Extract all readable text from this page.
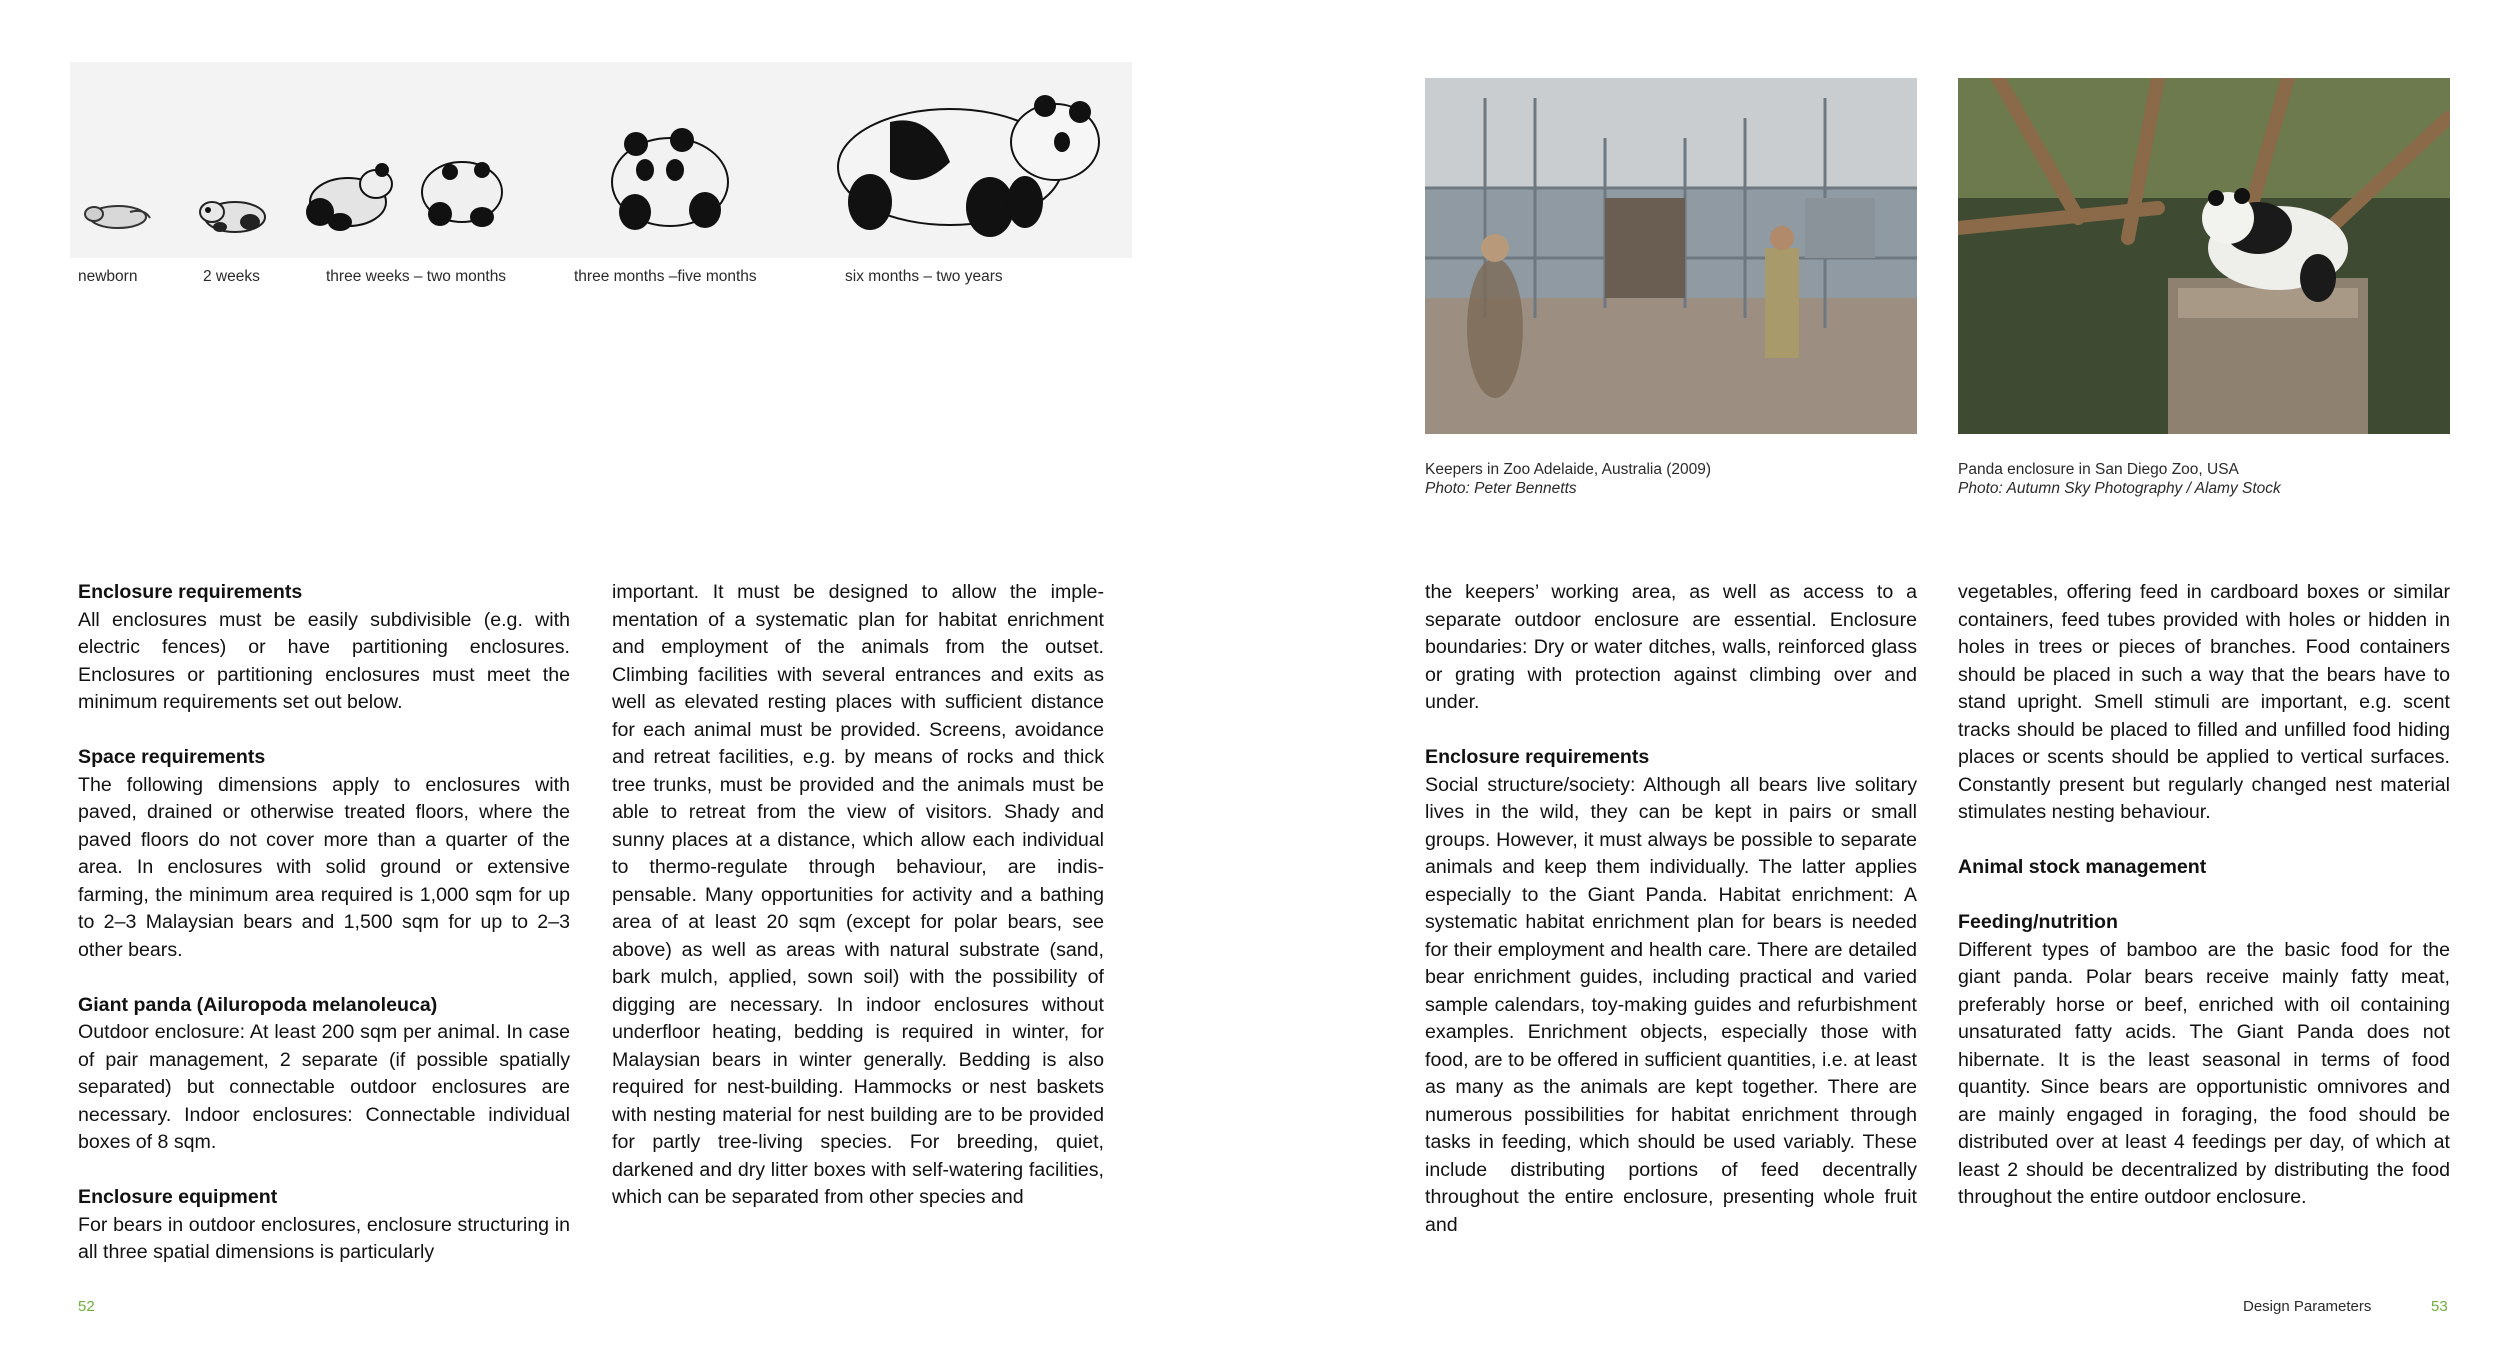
newborn	2 weeks	three weeks – two months	three months –five months	six months – two years
Keepers in Zoo Adelaide, Australia (2009)
Photo: Peter Bennetts
Panda enclosure in San Diego Zoo, USA
Photo: Autumn Sky Photography / Alamy Stock

Enclosure requirements

All enclosures must be easily subdivisible (e.g. with electric fences) or have partitioning enclosures. Enclosures or partitioning enclosures must meet the minimum requirements set out below.

Space requirements

The following dimensions apply to enclosures with paved, drained or otherwise treated floors, where the paved floors do not cover more than a quarter of the area. In enclosures with solid ground or extensive farming, the minimum area required is 1,000 sqm for up to 2–3 Malaysian bears and 1,500 sqm for up to 2–3 other bears.

Giant panda (Ailuropoda melanoleuca)

Outdoor enclosure: At least 200 sqm per animal. In case of pair management, 2 separate (if possible spatially separated) but connectable outdoor enclosures are necessary. Indoor enclosures: Connectable individual boxes of 8 sqm.

Enclosure equipment

For bears in outdoor enclosures, enclosure structuring in all three spatial dimensions is particularly

important. It must be designed to allow the implementation of a systematic plan for habitat enrichment and employment of the animals from the outset. Climbing facilities with several entrances and exits as well as elevated resting places with sufficient distance for each animal must be provided. Screens, avoidance and retreat facilities, e.g. by means of rocks and thick tree trunks, must be provided and the animals must be able to retreat from the view of visitors. Shady and sunny places at a distance, which allow each individual to thermo-regulate through behaviour, are indispensable. Many opportunities for activity and a bathing area of at least 20 sqm (except for polar bears, see above) as well as areas with natural substrate (sand, bark mulch, applied, sown soil) with the possibility of digging are necessary. In indoor enclosures without underfloor heating, bedding is required in winter, for Malaysian bears in winter generally. Bedding is also required for nest-building. Hammocks or nest baskets with nesting material for nest building are to be provided for partly tree-living species. For breeding, quiet, darkened and dry litter boxes with self-watering facilities, which can be separated from other species and

the keepers’ working area, as well as access to a separate outdoor enclosure are essential. Enclosure boundaries: Dry or water ditches, walls, reinforced glass or grating with protection against climbing over and under.

Enclosure requirements

Social structure/society: Although all bears live solitary lives in the wild, they can be kept in pairs or small groups. However, it must always be possible to separate animals and keep them individually. The latter applies especially to the Giant Panda. Habitat enrichment: A systematic habitat enrichment plan for bears is needed for their employment and health care. There are detailed bear enrichment guides, including practical and varied sample calendars, toy-making guides and refurbishment examples. Enrichment objects, especially those with food, are to be offered in sufficient quantities, i.e. at least as many as the animals are kept together. There are numerous possibilities for habitat enrichment through tasks in feeding, which should be used variably. These include distributing portions of feed decentrally throughout the entire enclosure, presenting whole fruit and

vegetables, offering feed in cardboard boxes or similar containers, feed tubes provided with holes or hidden in holes in trees or pieces of branches. Food containers should be placed in such a way that the bears have to stand upright. Smell stimuli are important, e.g. scent tracks should be placed to filled and unfilled food hiding places or scents should be applied to vertical surfaces. Constantly present but regularly changed nest material stimulates nesting behaviour.

Animal stock management

Feeding/nutrition

Different types of bamboo are the basic food for the giant panda. Polar bears receive mainly fatty meat, preferably horse or beef, enriched with oil containing unsaturated fatty acids. The Giant Panda does not hibernate. It is the least seasonal in terms of food quantity. Since bears are opportunistic omnivores and are mainly engaged in foraging, the food should be distributed over at least 4 feedings per day, of which at least 2 should be decentralized by distributing the food throughout the entire outdoor enclosure.

52	Design Parameters	53
